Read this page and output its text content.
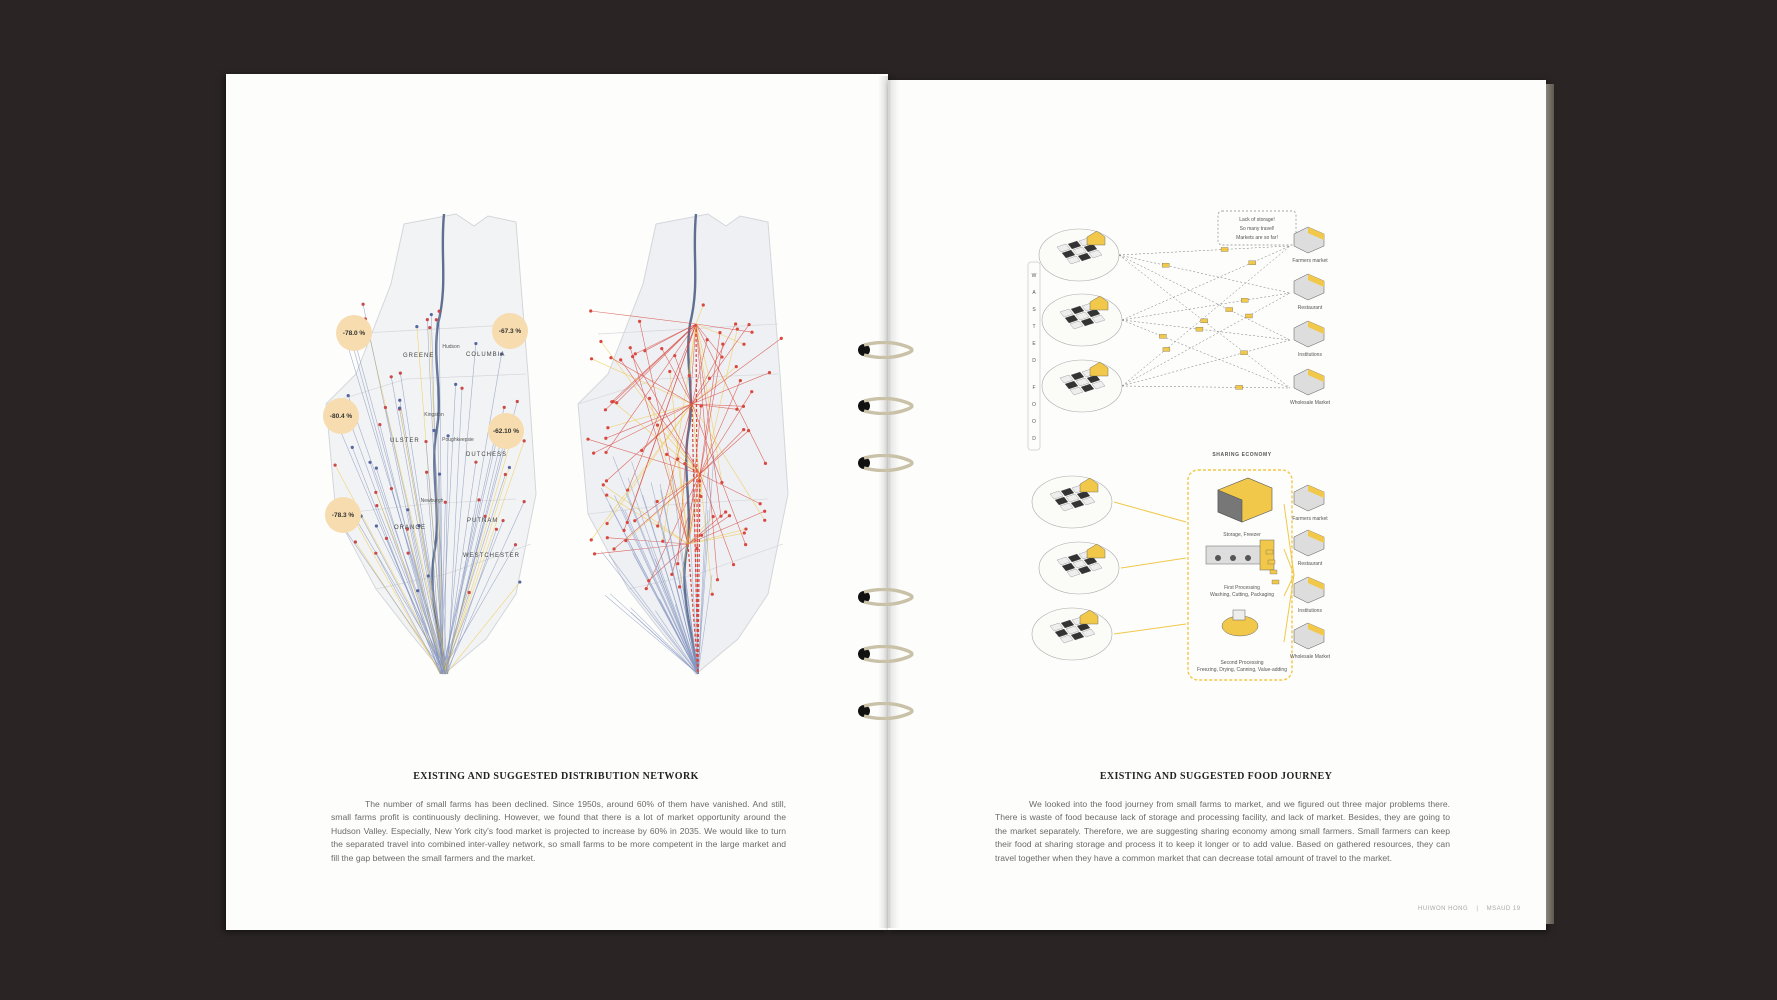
-78.0 %	-67.3 %
-80.4 %
-62.10 %
-78.3 %
GREENE	COLUMBIA
ULSTER
DUTCHESS
ORANGE
PUTNAM
WESTCHESTER
Hudson
Kingston
Poughkeepsie
Newburgh
EXISTING AND SUGGESTED DISTRIBUTION NETWORK

The number of small farms has been declined. Since 1950s, around 60% of them have vanished. And still, small farms profit is continuously declining. However, we found that there is a lot of market opportunity around the Hudson Valley. Especially, New York city's food market is projected to increase by 60% in 2035. We would like to turn the separated travel into combined inter-valley network, so small farms to be more competent in the large market and fill the gap between the small farmers and the market.

W
A
S
T
E
D
F
O
O
D
Lack of storage!
So many travel!
Markets are so far!
Farmers market
Restaurant
Institutions
Wholesale Market
SHARING ECONOMY
Storage, Freezer
First Processing
Washing, Cutting, Packaging
Second Processing
Freezing, Drying, Canning, Value-adding
Farmers market
Restaurant
Institutions
Wholesale Market
EXISTING AND SUGGESTED FOOD JOURNEY

We looked into the food journey from small farms to market, and we figured out three major problems there. There is waste of food because lack of storage and processing facility, and lack of market. Besides, they are going to the market separately. Therefore, we are suggesting sharing economy among small farmers. Small farmers can keep their food at sharing storage and process it to keep it longer or to add value. Based on gathered resources, they can travel together when they have a common market that can decrease total amount of travel to the market.

HUIWON HONG | MSAUD 19
